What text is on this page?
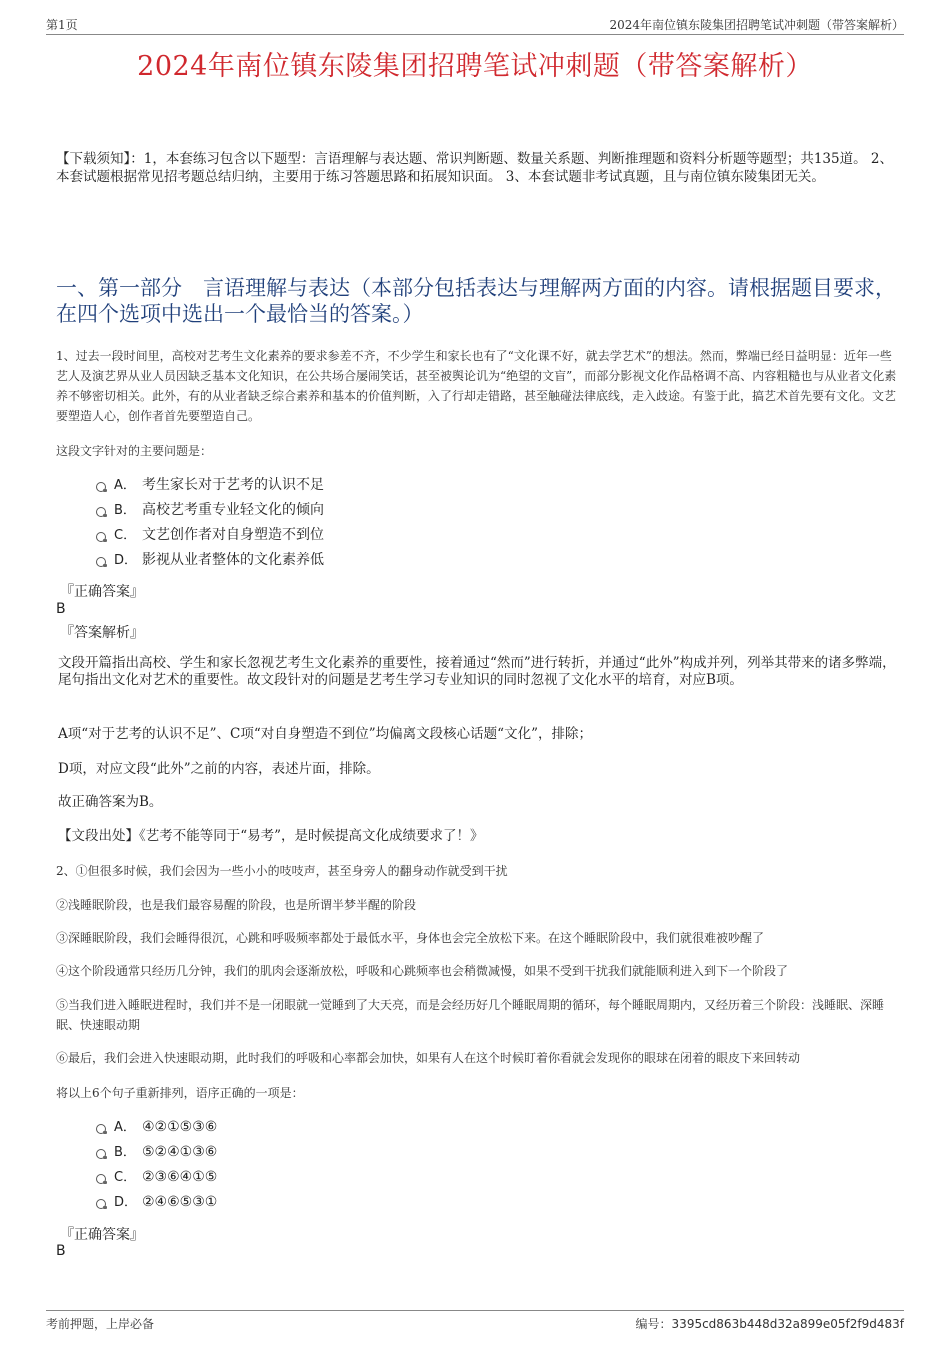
第1页	2024年南位镇东陵集团招聘笔试冲刺题（带答案解析）
2024年南位镇东陵集团招聘笔试冲刺题（带答案解析）
【下载须知】：1，本套练习包含以下题型：言语理解与表达题、常识判断题、数量关系题、判断推理题和资料分析题等题型；共135道。 2、本套试题根据常见招考题总结归纳，主要用于练习答题思路和拓展知识面。 3、本套试题非考试真题，且与南位镇东陵集团无关。
一、第一部分　言语理解与表达（本部分包括表达与理解两方面的内容。请根据题目要求，在四个选项中选出一个最恰当的答案。）
1、过去一段时间里，高校对艺考生文化素养的要求参差不齐，不少学生和家长也有了“文化课不好，就去学艺术”的想法。然而，弊端已经日益明显：近年一些艺人及演艺界从业人员因缺乏基本文化知识，在公共场合屡闹笑话，甚至被舆论讥为“绝望的文盲”，而部分影视文化作品格调不高、内容粗糙也与从业者文化素养不够密切相关。此外，有的从业者缺乏综合素养和基本的价值判断，入了行却走错路，甚至触碰法律底线，走入歧途。有鉴于此，搞艺术首先要有文化。文艺要塑造人心，创作者首先要塑造自己。
这段文字针对的主要问题是：
A． 考生家长对于艺考的认识不足
B． 高校艺考重专业轻文化的倾向
C． 文艺创作者对自身塑造不到位
D． 影视从业者整体的文化素养低
『正确答案』
B
『答案解析』
文段开篇指出高校、学生和家长忽视艺考生文化素养的重要性，接着通过“然而”进行转折，并通过“此外”构成并列，列举其带来的诸多弊端，尾句指出文化对艺术的重要性。故文段针对的问题是艺考生学习专业知识的同时忽视了文化水平的培育，对应B项。
A项“对于艺考的认识不足”、C项“对自身塑造不到位”均偏离文段核心话题“文化”，排除；
D项，对应文段“此外”之前的内容，表述片面，排除。
故正确答案为B。
【文段出处】《艺考不能等同于“易考”，是时候提高文化成绩要求了！》
2、①但很多时候，我们会因为一些小小的吱吱声，甚至身旁人的翻身动作就受到干扰
②浅睡眠阶段，也是我们最容易醒的阶段，也是所谓半梦半醒的阶段
③深睡眠阶段，我们会睡得很沉，心跳和呼吸频率都处于最低水平，身体也会完全放松下来。在这个睡眠阶段中，我们就很难被吵醒了
④这个阶段通常只经历几分钟，我们的肌肉会逐渐放松，呼吸和心跳频率也会稍微减慢，如果不受到干扰我们就能顺利进入到下一个阶段了
⑤当我们进入睡眠进程时，我们并不是一闭眼就一觉睡到了大天亮，而是会经历好几个睡眠周期的循环，每个睡眠周期内，又经历着三个阶段：浅睡眠、深睡眠、快速眼动期
⑥最后，我们会进入快速眼动期，此时我们的呼吸和心率都会加快，如果有人在这个时候盯着你看就会发现你的眼球在闭着的眼皮下来回转动
将以上6个句子重新排列，语序正确的一项是：
A． ④②①⑤③⑥
B． ⑤②④①③⑥
C． ②③⑥④①⑤
D． ②④⑥⑤③①
『正确答案』
B
考前押题，上岸必备	编号：3395cd863b448d32a899e05f2f9d483f
